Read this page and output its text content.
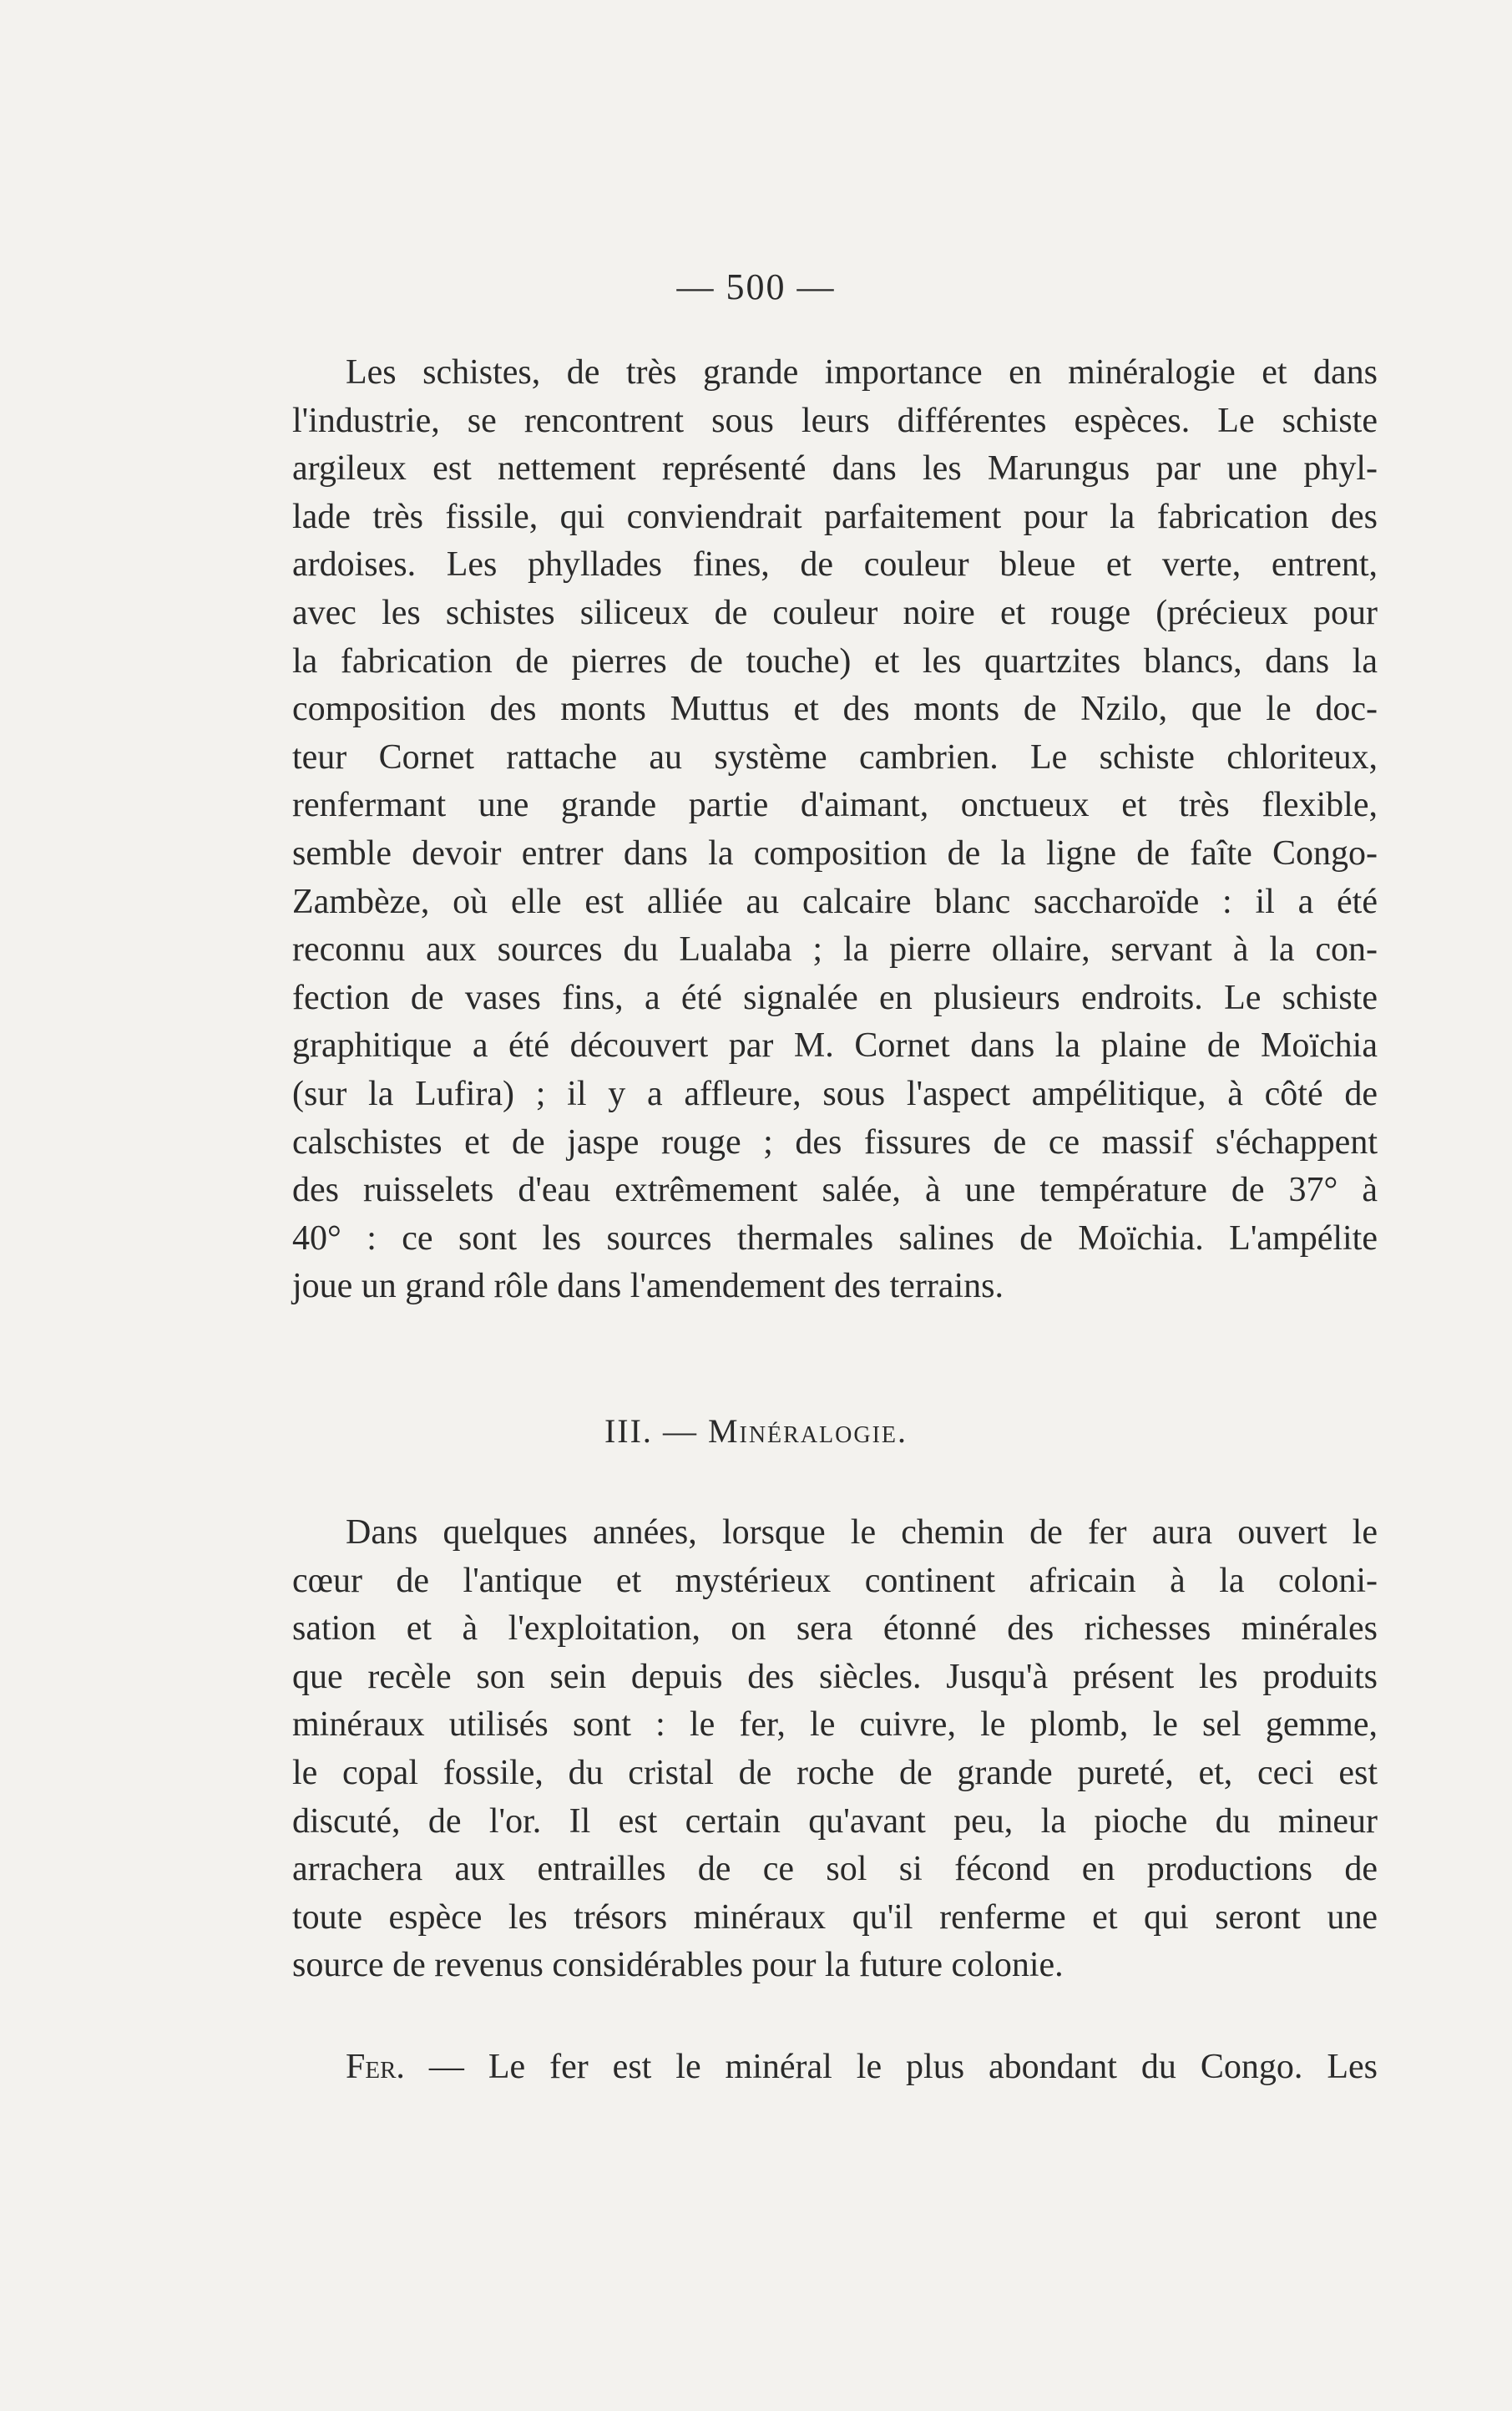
— 500 —
Les schistes, de très grande importance en minéralogie et dans
l'industrie, se rencontrent sous leurs différentes espèces. Le schiste
argileux est nettement représenté dans les Marungus par une phyl-
lade très fissile, qui conviendrait parfaitement pour la fabrication des
ardoises. Les phyllades fines, de couleur bleue et verte, entrent,
avec les schistes siliceux de couleur noire et rouge (précieux pour
la fabrication de pierres de touche) et les quartzites blancs, dans la
composition des monts Muttus et des monts de Nzilo, que le doc-
teur Cornet rattache au système cambrien. Le schiste chloriteux,
renfermant une grande partie d'aimant, onctueux et très flexible,
semble devoir entrer dans la composition de la ligne de faîte Congo-
Zambèze, où elle est alliée au calcaire blanc saccharoïde : il a été
reconnu aux sources du Lualaba ; la pierre ollaire, servant à la con-
fection de vases fins, a été signalée en plusieurs endroits. Le schiste
graphitique a été découvert par M. Cornet dans la plaine de Moïchia
(sur la Lufira) ; il y a affleure, sous l'aspect ampélitique, à côté de
calschistes et de jaspe rouge ; des fissures de ce massif s'échappent
des ruisselets d'eau extrêmement salée, à une température de 37° à
40° : ce sont les sources thermales salines de Moïchia. L'ampélite
joue un grand rôle dans l'amendement des terrains.
III. — Minéralogie.
Dans quelques années, lorsque le chemin de fer aura ouvert le
cœur de l'antique et mystérieux continent africain à la coloni-
sation et à l'exploitation, on sera étonné des richesses minérales
que recèle son sein depuis des siècles. Jusqu'à présent les produits
minéraux utilisés sont : le fer, le cuivre, le plomb, le sel gemme,
le copal fossile, du cristal de roche de grande pureté, et, ceci est
discuté, de l'or. Il est certain qu'avant peu, la pioche du mineur
arrachera aux entrailles de ce sol si fécond en productions de
toute espèce les trésors minéraux qu'il renferme et qui seront une
source de revenus considérables pour la future colonie.
Fer. — Le fer est le minéral le plus abondant du Congo. Les
